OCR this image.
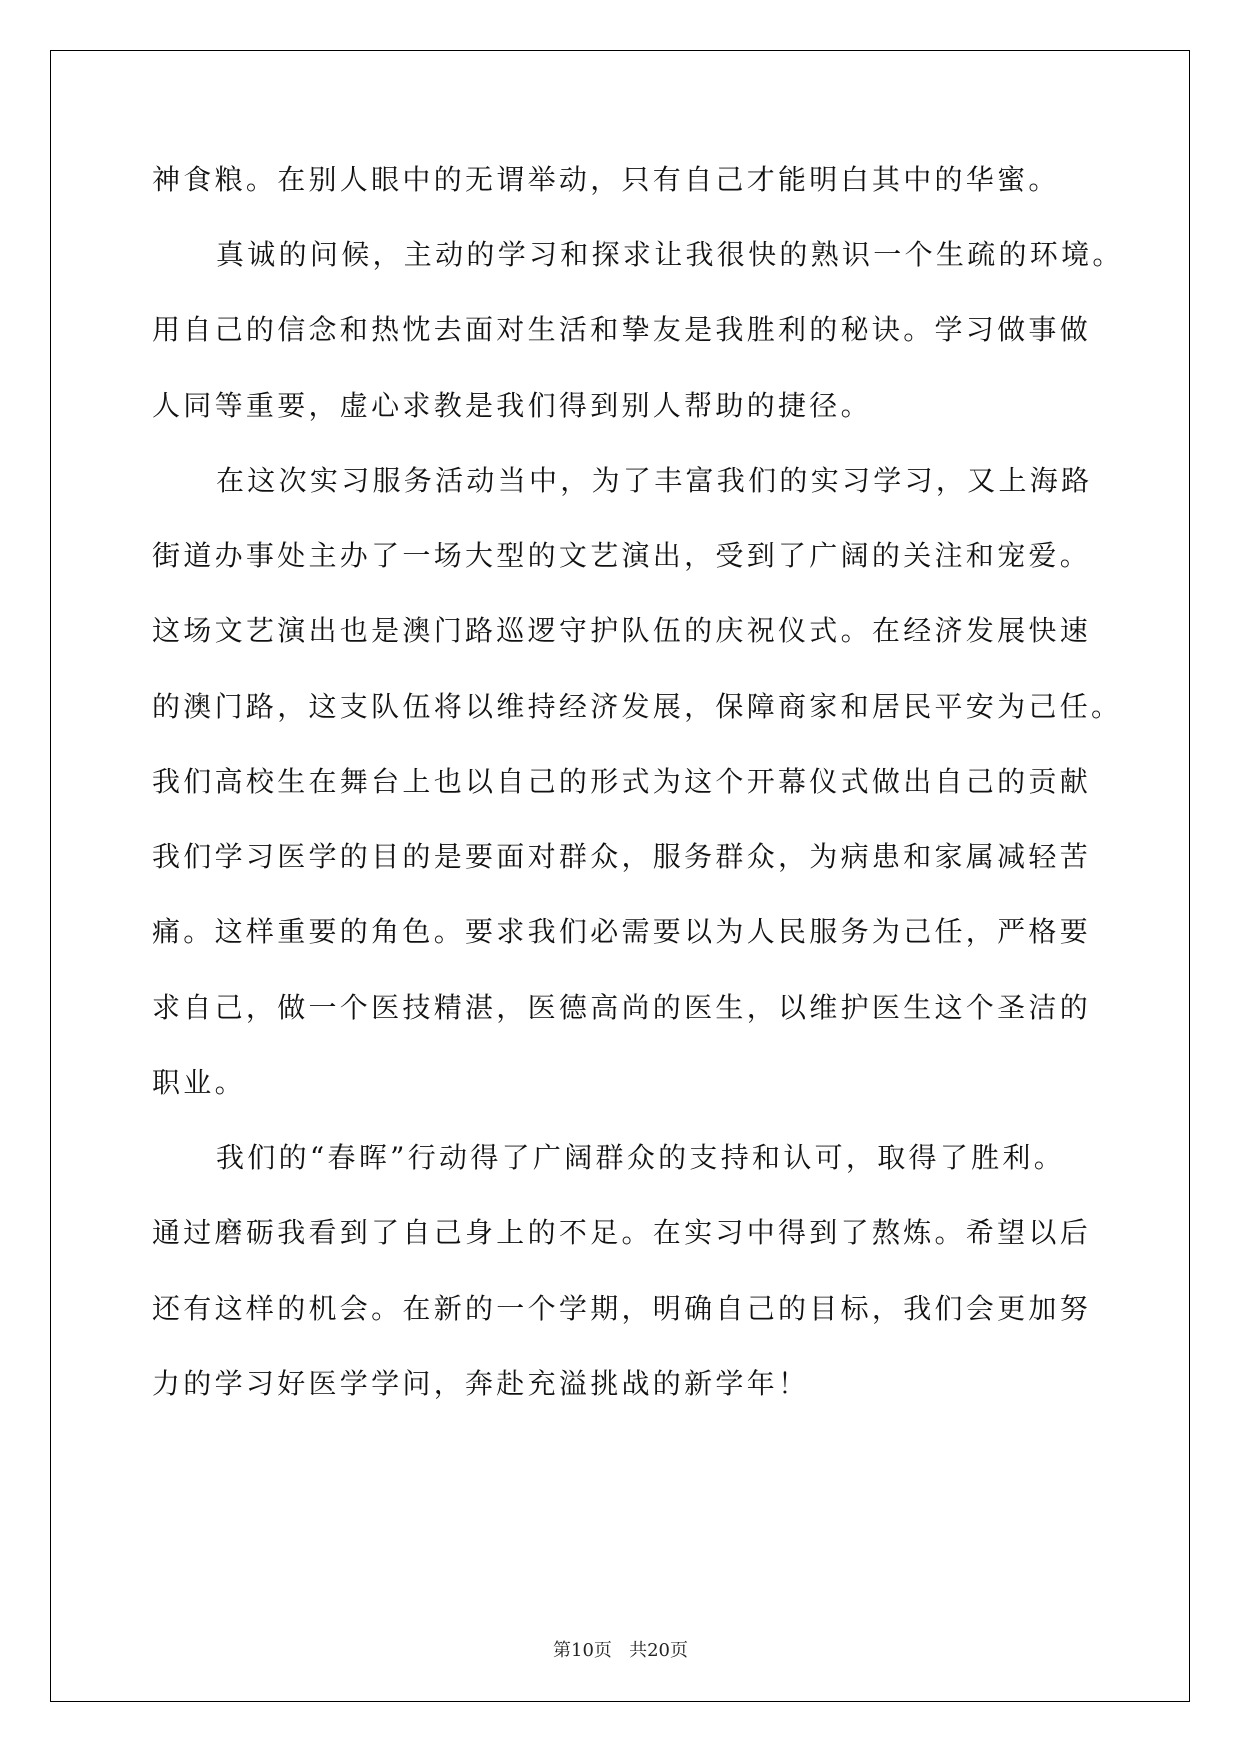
神食粮。在别人眼中的无谓举动，只有自己才能明白其中的华蜜。
真诚的问候，主动的学习和探求让我很快的熟识一个生疏的环境。
用自己的信念和热忱去面对生活和挚友是我胜利的秘诀。学习做事做
人同等重要，虚心求教是我们得到别人帮助的捷径。
在这次实习服务活动当中，为了丰富我们的实习学习，又上海路
街道办事处主办了一场大型的文艺演出，受到了广阔的关注和宠爱。
这场文艺演出也是澳门路巡逻守护队伍的庆祝仪式。在经济发展快速
的澳门路，这支队伍将以维持经济发展，保障商家和居民平安为己任。
我们高校生在舞台上也以自己的形式为这个开幕仪式做出自己的贡献
我们学习医学的目的是要面对群众，服务群众，为病患和家属减轻苦
痛。这样重要的角色。要求我们必需要以为人民服务为己任，严格要
求自己，做一个医技精湛，医德高尚的医生，以维护医生这个圣洁的
职业。
我们的“春晖”行动得了广阔群众的支持和认可，取得了胜利。
通过磨砺我看到了自己身上的不足。在实习中得到了熬炼。希望以后
还有这样的机会。在新的一个学期，明确自己的目标，我们会更加努
力的学习好医学学问，奔赴充溢挑战的新学年！
第10页 共20页
